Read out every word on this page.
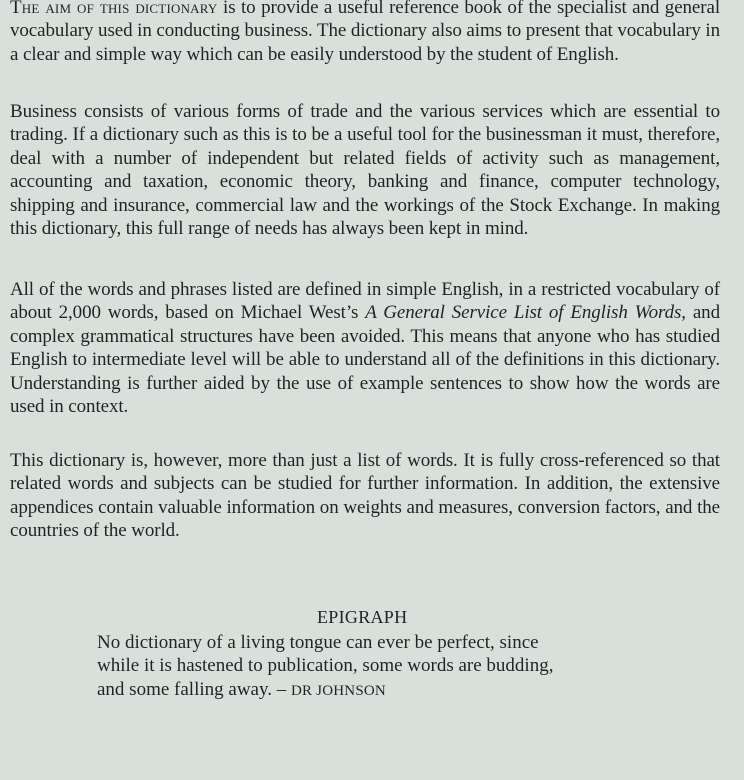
The aim of this dictionary is to provide a useful reference book of the specialist and general vocabulary used in conducting business. The dictionary also aims to present that vocabulary in a clear and simple way which can be easily understood by the student of English.

Business consists of various forms of trade and the various services which are essential to trading. If a dictionary such as this is to be a useful tool for the businessman it must, therefore, deal with a number of independent but related fields of activity such as management, accounting and taxation, economic theory, banking and finance, computer technology, shipping and insurance, commercial law and the workings of the Stock Exchange. In making this dictionary, this full range of needs has always been kept in mind.

All of the words and phrases listed are defined in simple English, in a restricted vocabulary of about 2,000 words, based on Michael West’s A General Service List of English Words, and complex grammatical structures have been avoided. This means that anyone who has studied English to intermediate level will be able to understand all of the definitions in this dictionary. Understanding is further aided by the use of example sentences to show how the words are used in context.

This dictionary is, however, more than just a list of words. It is fully cross-referenced so that related words and subjects can be studied for further information. In addition, the extensive appendices contain valuable information on weights and measures, conversion factors, and the countries of the world.

EPIGRAPH

No dictionary of a living tongue can ever be perfect, since

while it is hastened to publication, some words are budding,

and some falling away. – DR JOHNSON
